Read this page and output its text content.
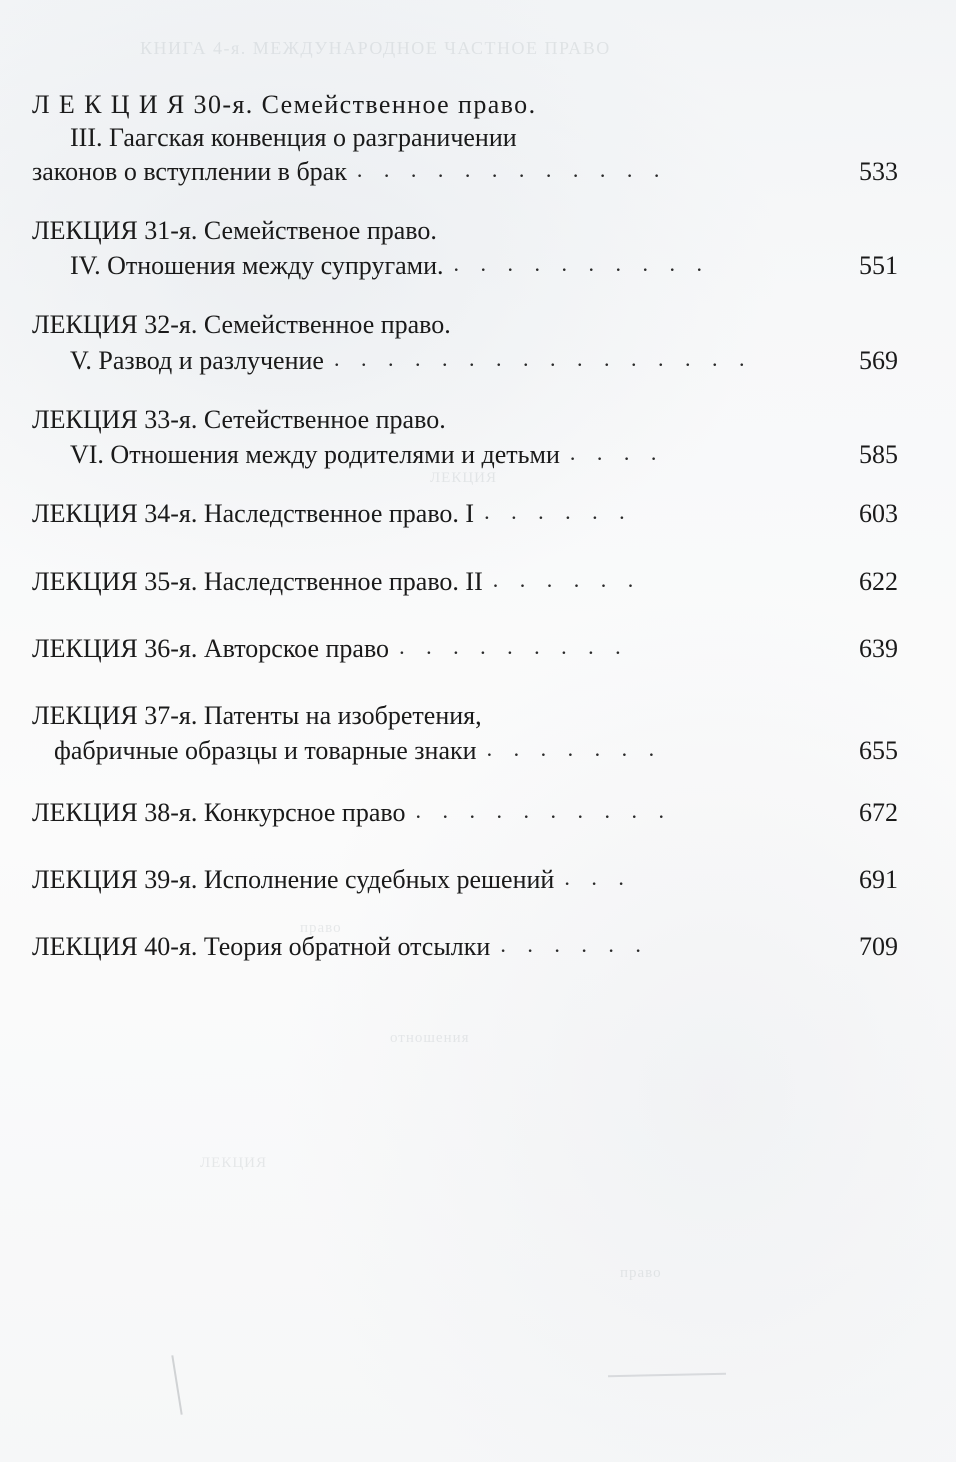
КНИГА 4-я. МЕЖДУНАРОДНОЕ ЧАСТНОЕ ПРАВО
ЛЕКЦИЯ
право
отношения
ЛЕКЦИЯ
право
Л Е К Ц И Я 30-я. Семейственное право.
III. Гаагская конвенция о разграничении
законов о вступлении в брак . . . . . . . . . . . .	533
ЛЕКЦИЯ 31-я. Семейственое право.
IV. Отношения между супругами. . . . . . . . . . .	551
ЛЕКЦИЯ 32-я. Семейственное право.
V. Развод и разлучение . . . . . . . . . . . . . . . .	569
ЛЕКЦИЯ 33-я. Сетейственное право.
VI. Отношения между родителями и детьми . . . .	585
ЛЕКЦИЯ 34-я. Наследственное право. I . . . . . .	603
ЛЕКЦИЯ 35-я. Наследственное право. II . . . . . .	622
ЛЕКЦИЯ 36-я. Авторское право . . . . . . . . .	639
ЛЕКЦИЯ 37-я. Патенты на изобретения,
фабричные образцы и товарные знаки . . . . . . .	655
ЛЕКЦИЯ 38-я. Конкурсное право . . . . . . . . . .	672
ЛЕКЦИЯ 39-я. Исполнение судебных решений . . .	691
ЛЕКЦИЯ 40-я. Теория обратной отсылки . . . . . .	709
